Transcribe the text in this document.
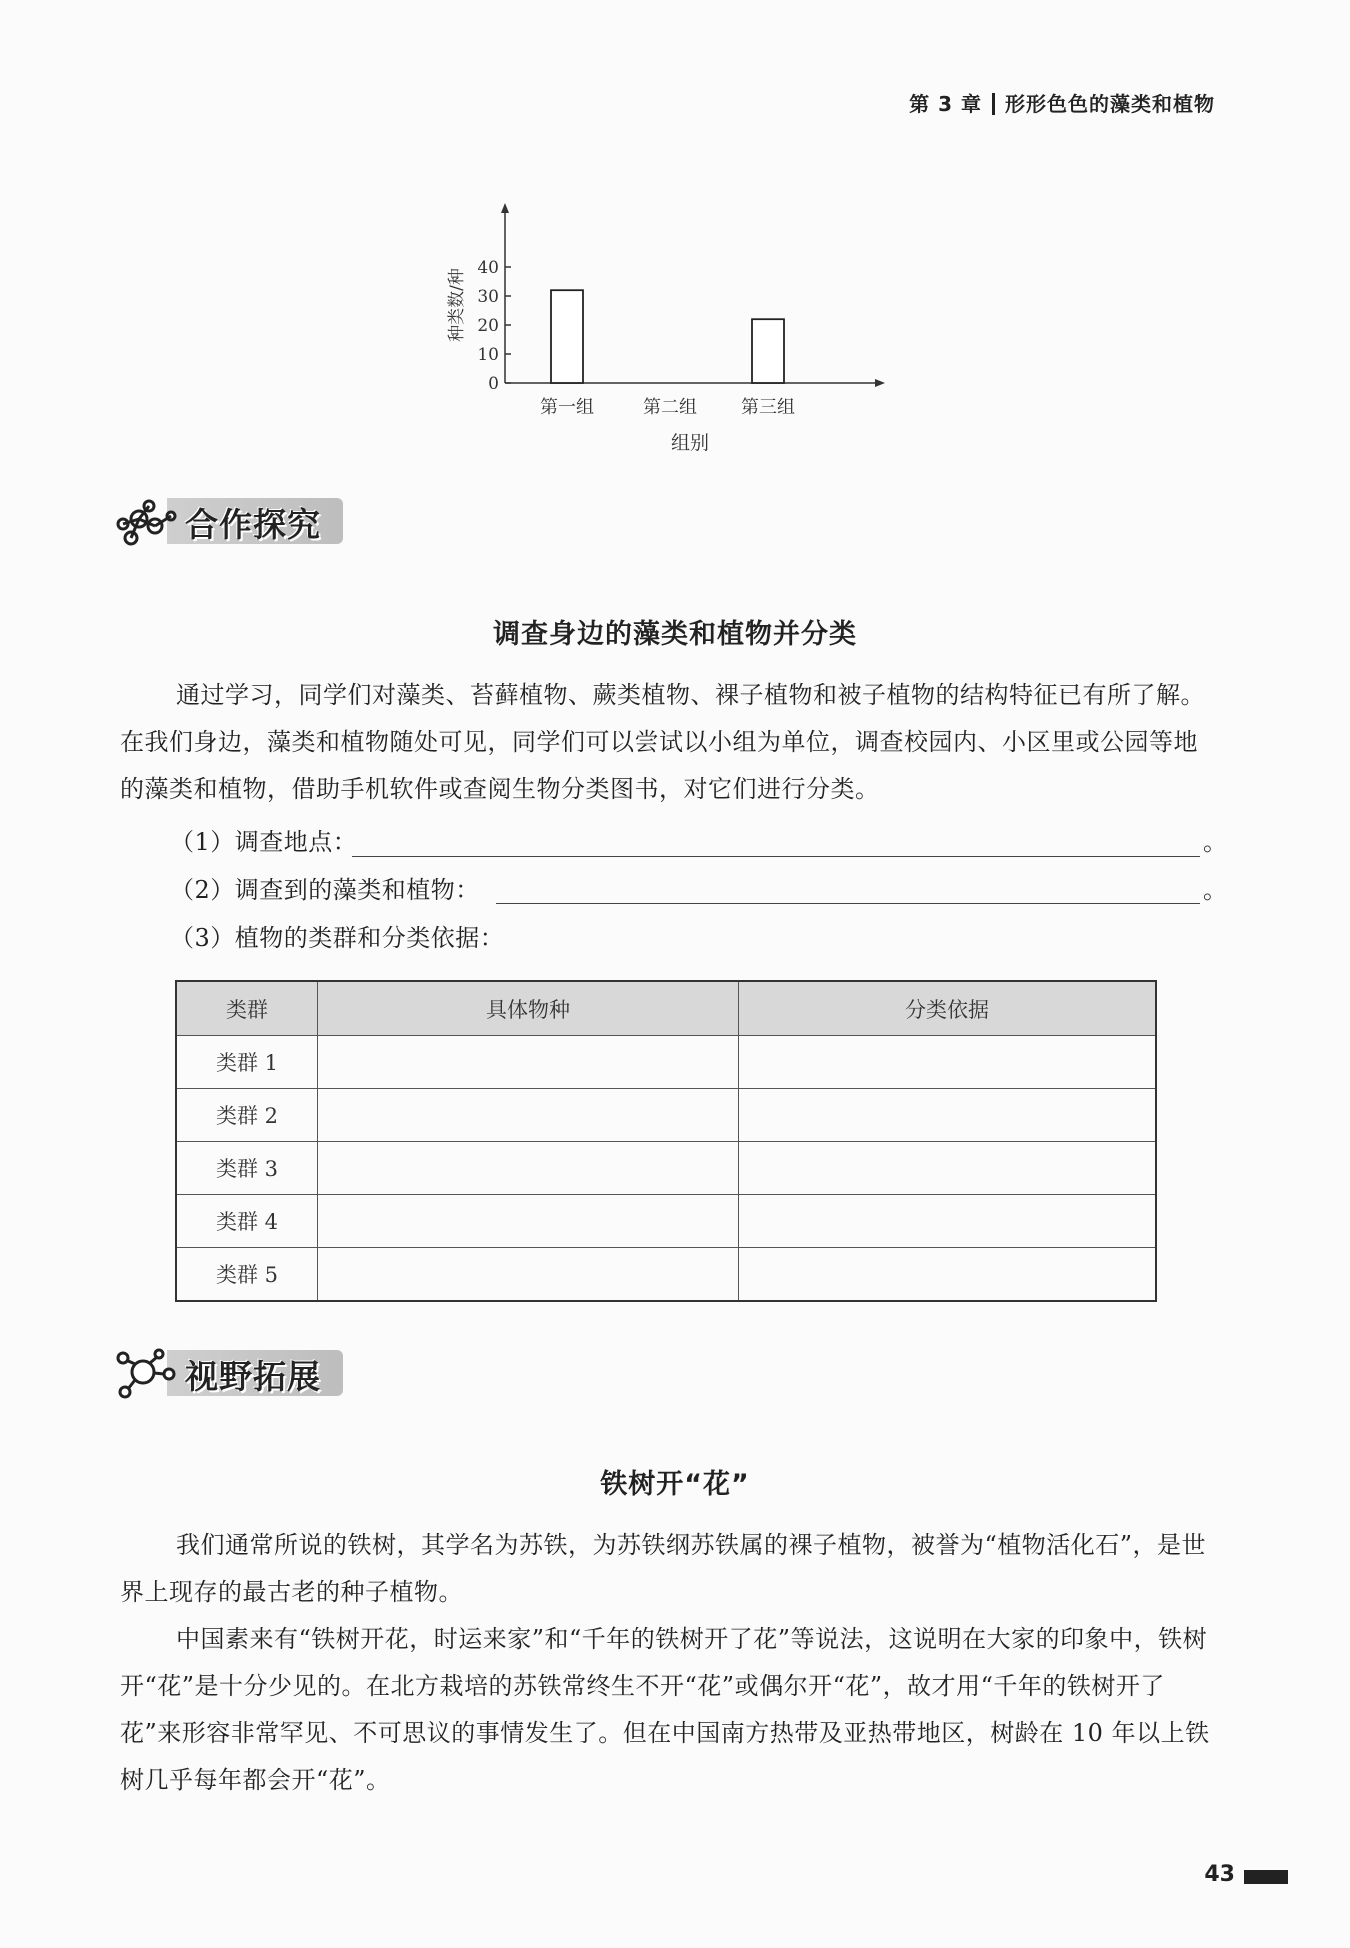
第 3 章 形形色色的藻类和植物
0
10
20
30
40
第一组	第二组 第三组
种类数/种
组别
合作探究
调查身边的藻类和植物并分类
通过学习，同学们对藻类、苔藓植物、蕨类植物、裸子植物和被子植物的结构特征已有所了解。在我们身边，藻类和植物随处可见，同学们可以尝试以小组为单位，调查校园内、小区里或公园等地的藻类和植物，借助手机软件或查阅生物分类图书，对它们进行分类。
（1）调查地点：	。
（2）调查到的藻类和植物：	。
（3）植物的类群和分类依据：
类群	具体物种	分类依据
类群 1		
类群 2		
类群 3		
类群 4		
类群 5		
视野拓展
铁树开“花”
我们通常所说的铁树，其学名为苏铁，为苏铁纲苏铁属的裸子植物，被誉为“植物活化石”，是世界上现存的最古老的种子植物。
中国素来有“铁树开花，时运来家”和“千年的铁树开了花”等说法，这说明在大家的印象中，铁树开“花”是十分少见的。在北方栽培的苏铁常终生不开“花”或偶尔开“花”，故才用“千年的铁树开了花”来形容非常罕见、不可思议的事情发生了。但在中国南方热带及亚热带地区，树龄在 10 年以上铁树几乎每年都会开“花”。
43
